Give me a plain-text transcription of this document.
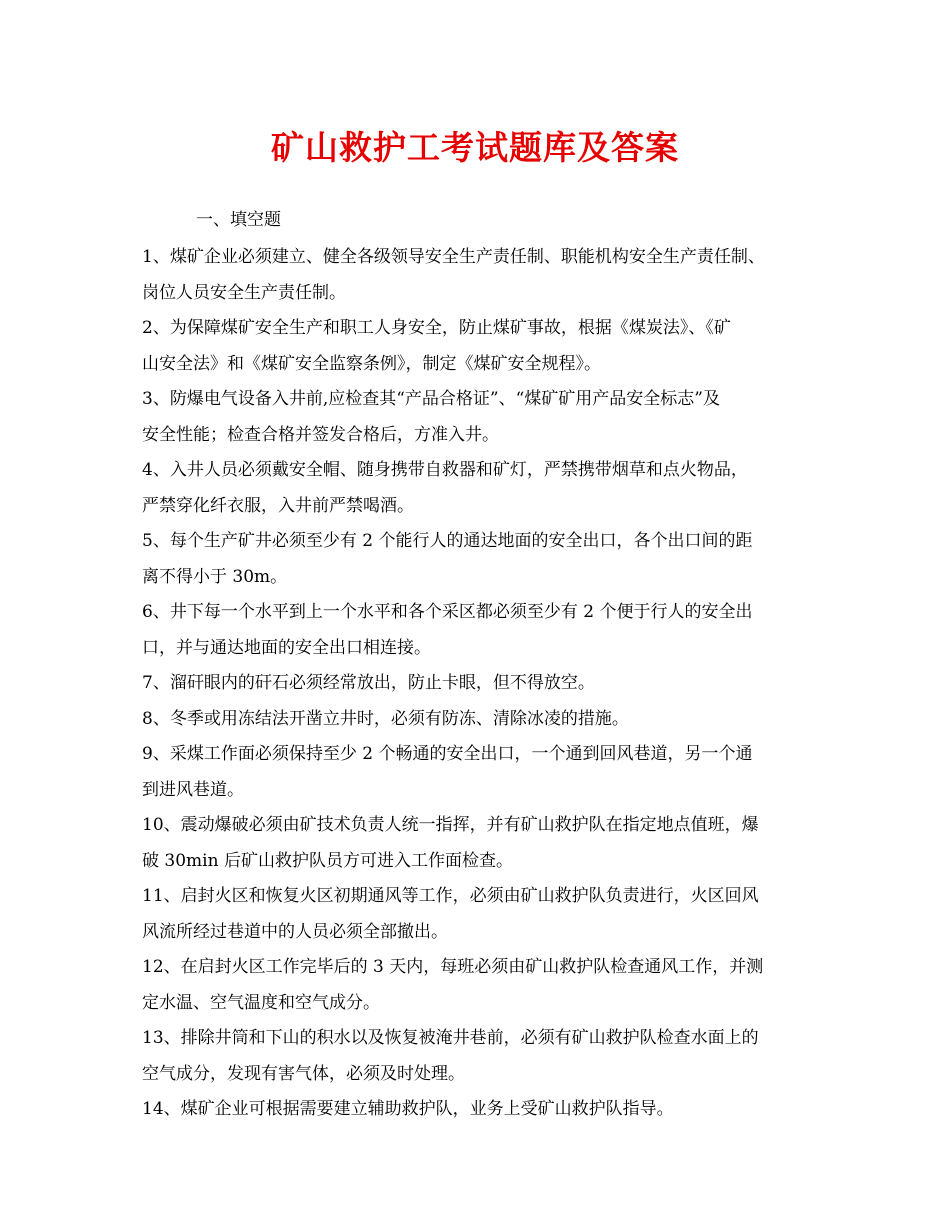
矿山救护工考试题库及答案
一、填空题
1、煤矿企业必须建立、健全各级领导安全生产责任制、职能机构安全生产责任制、
岗位人员安全生产责任制。
2、为保障煤矿安全生产和职工人身安全，防止煤矿事故，根据《煤炭法》、《矿
山安全法》和《煤矿安全监察条例》，制定《煤矿安全规程》。
3、防爆电气设备入井前,应检查其“产品合格证”、“煤矿矿用产品安全标志”及
安全性能；检查合格并签发合格后，方准入井。
4、入井人员必须戴安全帽、随身携带自救器和矿灯，严禁携带烟草和点火物品，
严禁穿化纤衣服，入井前严禁喝酒。
5、每个生产矿井必须至少有 2 个能行人的通达地面的安全出口，各个出口间的距
离不得小于 30m。
6、井下每一个水平到上一个水平和各个采区都必须至少有 2 个便于行人的安全出
口，并与通达地面的安全出口相连接。
7、溜矸眼内的矸石必须经常放出，防止卡眼，但不得放空。
8、冬季或用冻结法开凿立井时，必须有防冻、清除冰凌的措施。
9、采煤工作面必须保持至少 2 个畅通的安全出口，一个通到回风巷道，另一个通
到进风巷道。
10、震动爆破必须由矿技术负责人统一指挥，并有矿山救护队在指定地点值班，爆
破 30min 后矿山救护队员方可进入工作面检查。
11、启封火区和恢复火区初期通风等工作，必须由矿山救护队负责进行，火区回风
风流所经过巷道中的人员必须全部撤出。
12、在启封火区工作完毕后的 3 天内，每班必须由矿山救护队检查通风工作，并测
定水温、空气温度和空气成分。
13、排除井筒和下山的积水以及恢复被淹井巷前，必须有矿山救护队检查水面上的
空气成分，发现有害气体，必须及时处理。
14、煤矿企业可根据需要建立辅助救护队，业务上受矿山救护队指导。
